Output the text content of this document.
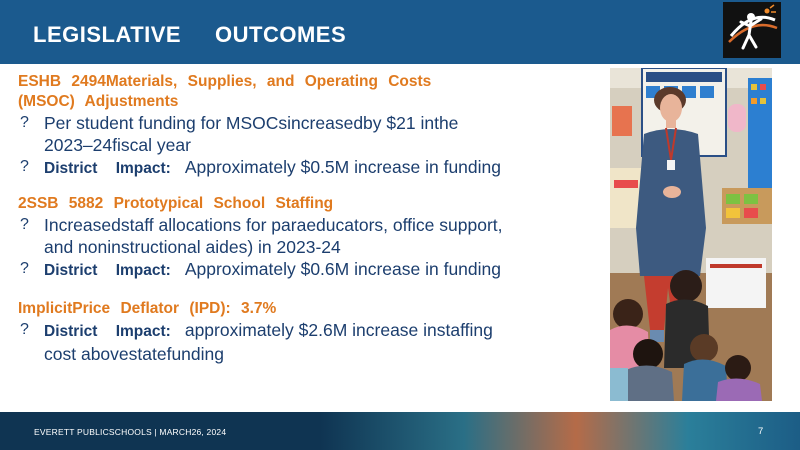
LEGISLATIVE OUTCOMES
ESHB 2494Materials, Supplies, and Operating Costs
(MSOC) Adjustments
? Per student funding for MSOCsincreasedby $21 inthe
2023–24fiscal year
? District Impact: Approximately $0.5M increase in funding
2SSB 5882 Prototypical School Staffing
? Increasedstaff allocations for paraeducators, office support,
and noninstructional aides) in 2023-24
? District Impact: Approximately $0.6M increase in funding
ImplicitPrice Deflator (IPD): 3.7%
? District Impact: approximately $2.6M increase instaffing
cost abovestatefunding
EVERETT PUBLICSCHOOLS | MARCH26, 2024	7
